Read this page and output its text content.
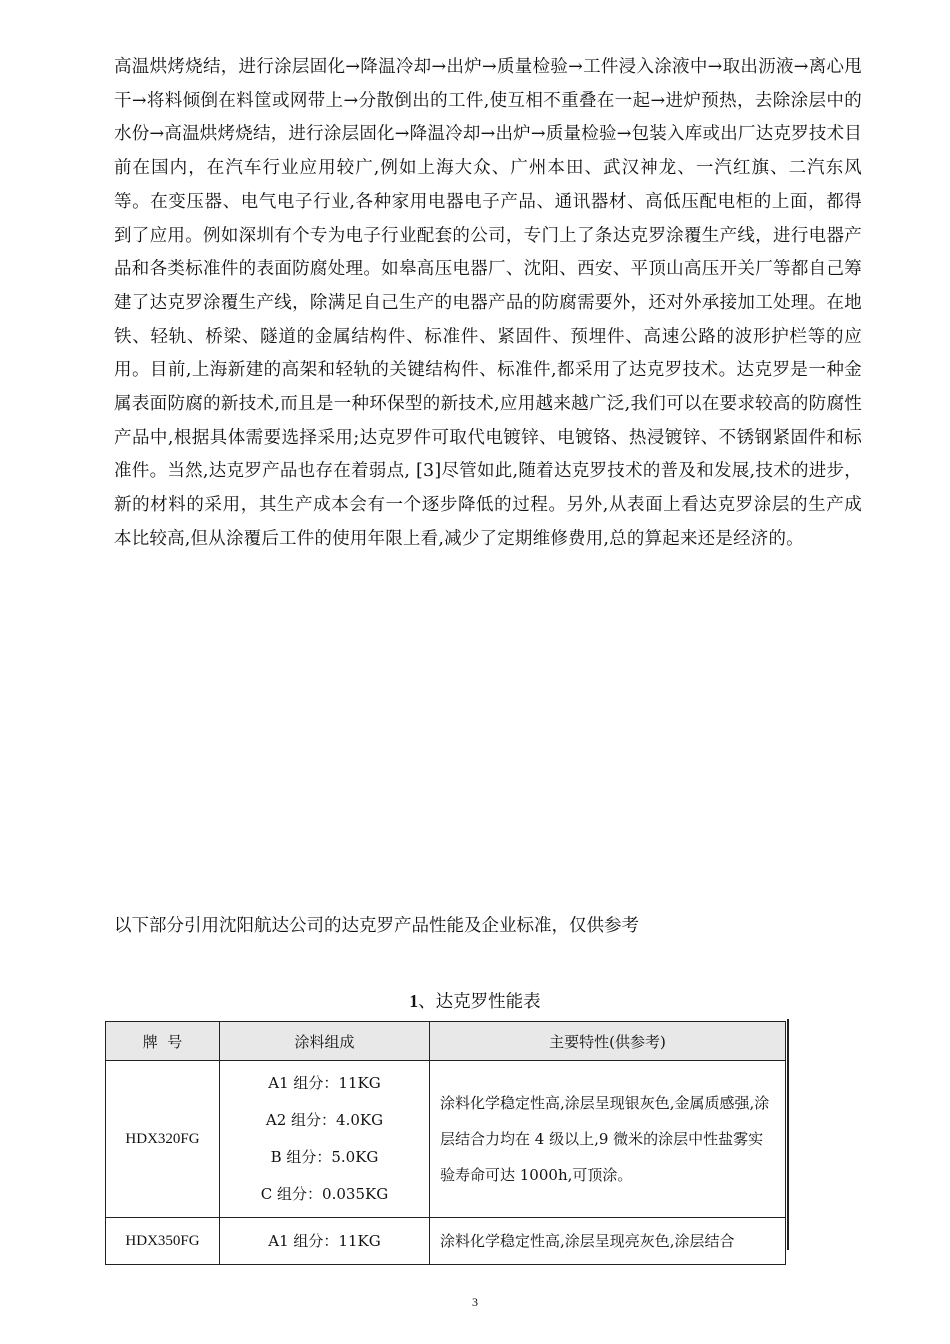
高温烘烤烧结，进行涂层固化→降温冷却→出炉→质量检验→工件浸入涂液中→取出沥液→离心甩干→将料倾倒在料筐或网带上→分散倒出的工件,使互相不重叠在一起→进炉预热，去除涂层中的水份→高温烘烤烧结，进行涂层固化→降温冷却→出炉→质量检验→包装入库或出厂达克罗技术目前在国内，在汽车行业应用较广,例如上海大众、广州本田、武汉神龙、一汽红旗、二汽东风等。在变压器、电气电子行业,各种家用电器电子产品、通讯器材、高低压配电柜的上面，都得到了应用。例如深圳有个专为电子行业配套的公司，专门上了条达克罗涂覆生产线，进行电器产品和各类标准件的表面防腐处理。如皋高压电器厂、沈阳、西安、平顶山高压开关厂等都自己筹建了达克罗涂覆生产线，除满足自己生产的电器产品的防腐需要外，还对外承接加工处理。在地铁、轻轨、桥梁、隧道的金属结构件、标准件、紧固件、预埋件、高速公路的波形护栏等的应用。目前,上海新建的高架和轻轨的关键结构件、标准件,都采用了达克罗技术。达克罗是一种金属表面防腐的新技术,而且是一种环保型的新技术,应用越来越广泛,我们可以在要求较高的防腐性产品中,根据具体需要选择采用;达克罗件可取代电镀锌、电镀铬、热浸镀锌、不锈钢紧固件和标准件。当然,达克罗产品也存在着弱点, [3]尽管如此,随着达克罗技术的普及和发展,技术的进步，新的材料的采用，其生产成本会有一个逐步降低的过程。另外,从表面上看达克罗涂层的生产成本比较高,但从涂覆后工件的使用年限上看,减少了定期维修费用,总的算起来还是经济的。
以下部分引用沈阳航达公司的达克罗产品性能及企业标准，仅供参考
1、达克罗性能表
牌  号	涂料组成	主要特性(供参考)
HDX320FG	A1 组分：11KG
A2 组分：4.0KG
B 组分：5.0KG
C 组分：0.035KG	涂料化学稳定性高,涂层呈现银灰色,金属质感强,涂层结合力均在 4 级以上,9 微米的涂层中性盐雾实验寿命可达 1000h,可顶涂。
HDX350FG	A1 组分：11KG	涂料化学稳定性高,涂层呈现亮灰色,涂层结合
3
